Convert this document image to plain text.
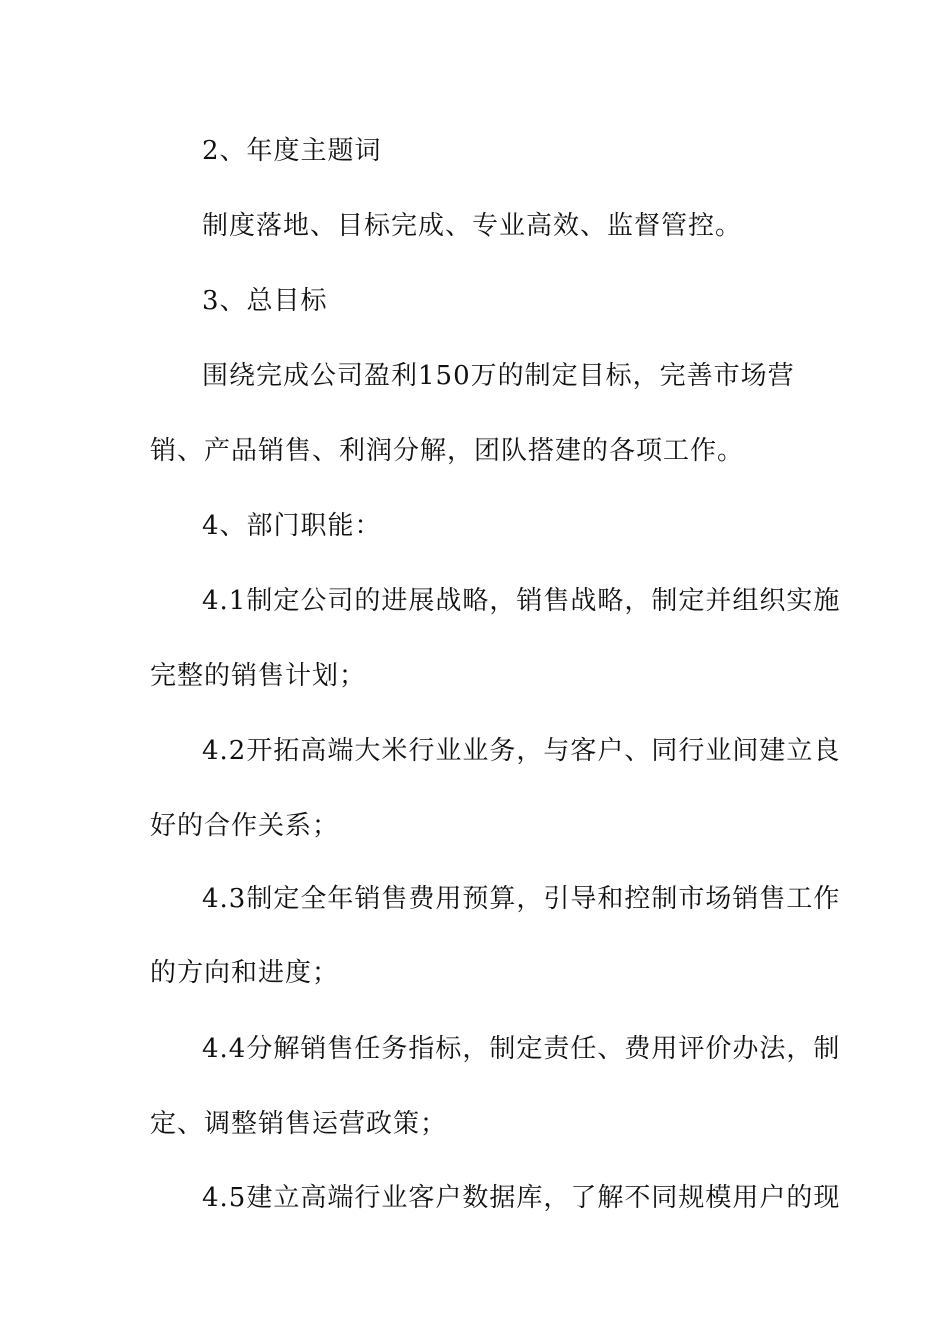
2、年度主题词
制度落地、目标完成、专业高效、监督管控。
3、总目标
围绕完成公司盈利150万的制定目标，完善市场营
销、产品销售、利润分解，团队搭建的各项工作。
4、部门职能：
4.1制定公司的进展战略，销售战略，制定并组织实施
完整的销售计划；
4.2开拓高端大米行业业务，与客户、同行业间建立良
好的合作关系；
4.3制定全年销售费用预算，引导和控制市场销售工作
的方向和进度；
4.4分解销售任务指标，制定责任、费用评价办法，制
定、调整销售运营政策；
4.5建立高端行业客户数据库，了解不同规模用户的现
